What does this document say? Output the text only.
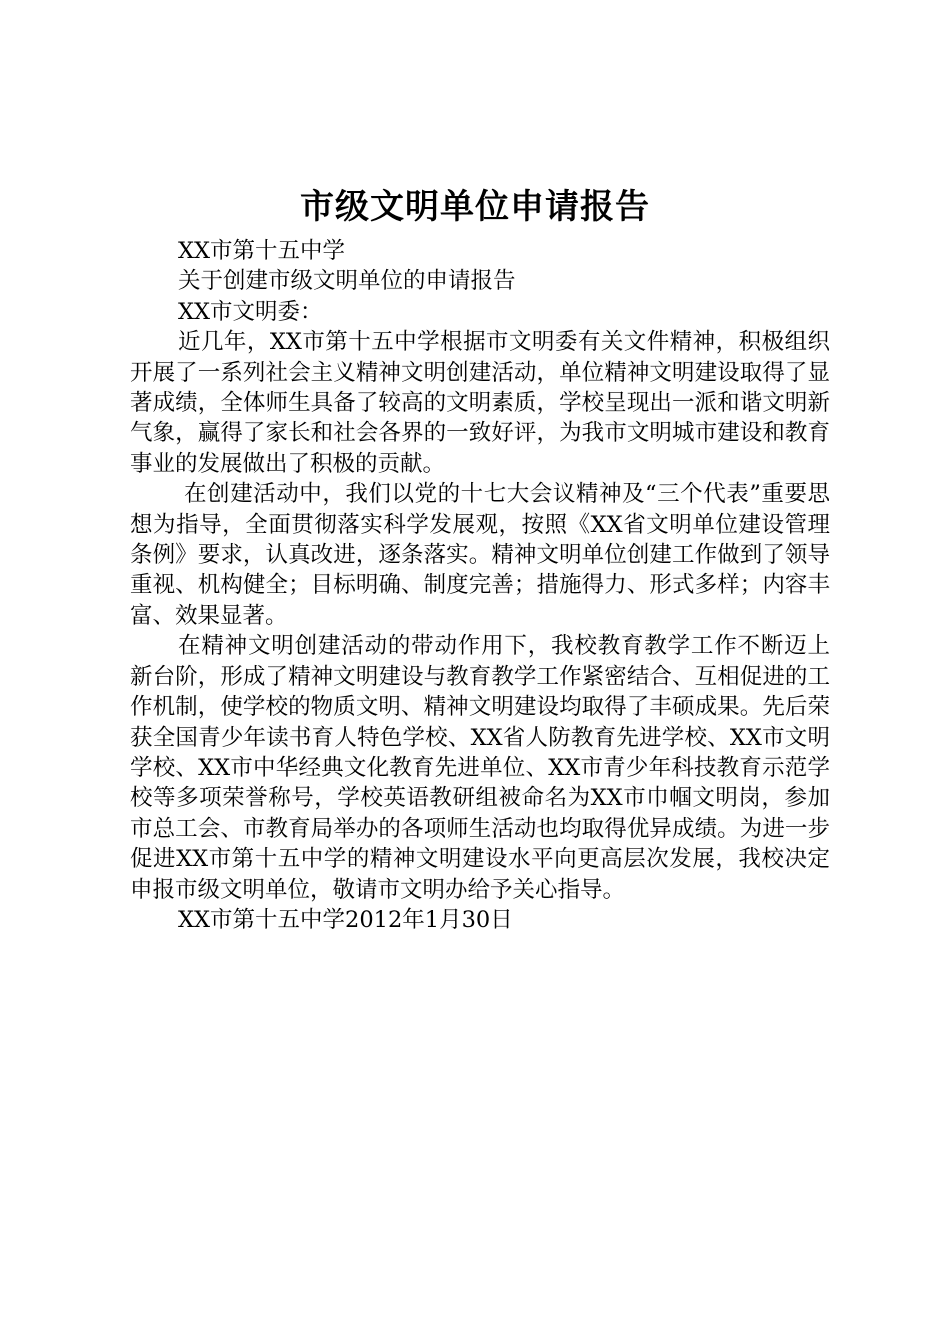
市级文明单位申请报告

XX市第十五中学

关于创建市级文明单位的申请报告

XX市文明委：

近几年，XX市第十五中学根据市文明委有关文件精神，积极组织开展了一系列社会主义精神文明创建活动，单位精神文明建设取得了显著成绩，全体师生具备了较高的文明素质，学校呈现出一派和谐文明新气象，赢得了家长和社会各界的一致好评，为我市文明城市建设和教育事业的发展做出了积极的贡献。

在创建活动中，我们以党的十七大会议精神及“三个代表”重要思想为指导，全面贯彻落实科学发展观，按照《XX省文明单位建设管理条例》要求，认真改进，逐条落实。精神文明单位创建工作做到了领导重视、机构健全；目标明确、制度完善；措施得力、形式多样；内容丰富、效果显著。

在精神文明创建活动的带动作用下，我校教育教学工作不断迈上新台阶，形成了精神文明建设与教育教学工作紧密结合、互相促进的工作机制，使学校的物质文明、精神文明建设均取得了丰硕成果。先后荣获全国青少年读书育人特色学校、XX省人防教育先进学校、XX市文明学校、XX市中华经典文化教育先进单位、XX市青少年科技教育示范学校等多项荣誉称号，学校英语教研组被命名为XX市巾帼文明岗，参加市总工会、市教育局举办的各项师生活动也均取得优异成绩。为进一步促进XX市第十五中学的精神文明建设水平向更高层次发展，我校决定申报市级文明单位，敬请市文明办给予关心指导。

XX市第十五中学2012年1月30日
